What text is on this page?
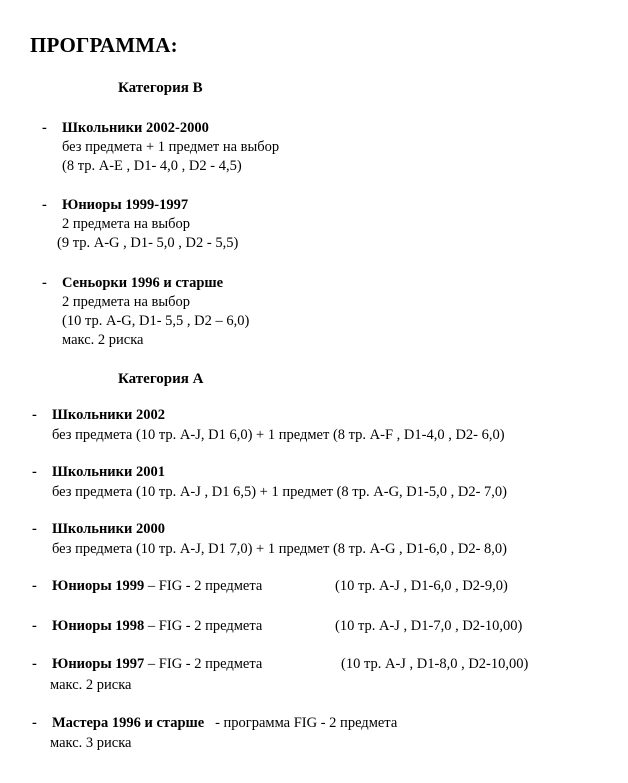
ПРОГРАММА:
Категория В
- Школьники 2002-2000
без предмета + 1 предмет на выбор
(8 тр. A-E , D1- 4,0 , D2 - 4,5)
- Юниоры 1999-1997
2 предмета на выбор
(9 тр. A-G , D1- 5,0 , D2 - 5,5)
- Сеньорки 1996 и старше
2 предмета на выбор
(10 тр. A-G, D1- 5,5 , D2 – 6,0)
макс. 2 риска
Категория А
- Школьники 2002
без предмета (10 тр. A-J, D1 6,0) + 1 предмет (8 тр. A-F , D1-4,0 , D2- 6,0)
- Школьники 2001
без предмета (10 тр. A-J , D1 6,5) + 1 предмет (8 тр. A-G, D1-5,0 , D2- 7,0)
- Школьники 2000
без предмета (10 тр. A-J, D1 7,0) + 1 предмет (8 тр. A-G , D1-6,0 , D2- 8,0)
- Юниоры 1999 – FIG - 2 предмета	(10 тр. A-J , D1-6,0 , D2-9,0)
- Юниоры 1998 – FIG - 2 предмета	(10 тр. A-J , D1-7,0 , D2-10,00)
- Юниоры 1997 – FIG - 2 предмета	(10 тр. A-J , D1-8,0 , D2-10,00)
макс. 2 риска
- Мастера 1996 и старше   - программа FIG - 2 предмета
макс. 3 риска
